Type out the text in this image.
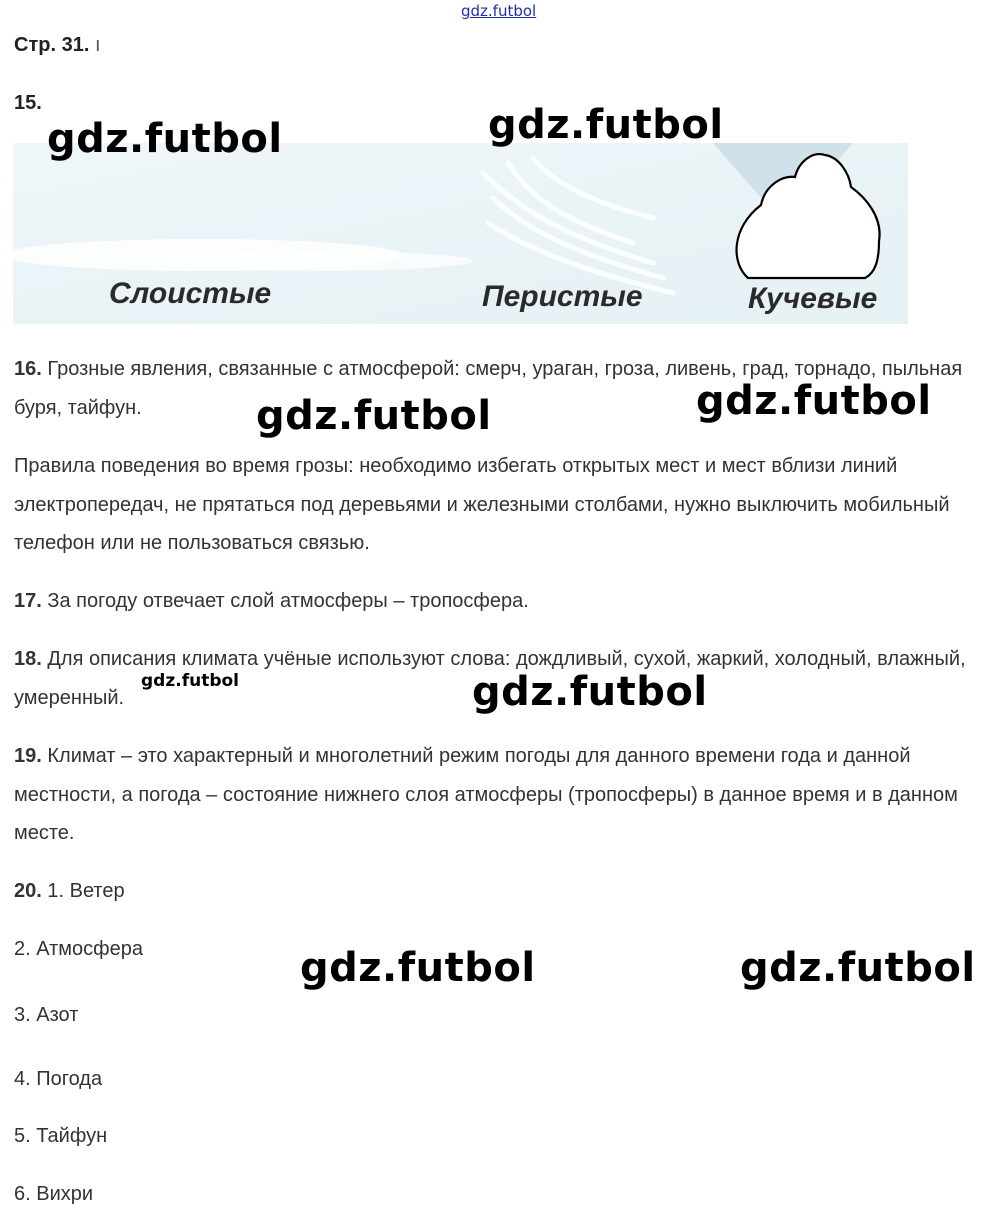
gdz.futbol
Стр. 31. ı
15.
Слоистые	Перистые	Кучевые

16. Грозные явления, связанные с атмосферой: смерч, ураган, гроза, ливень, град, торнадо, пыльная буря, тайфун.

Правила поведения во время грозы: необходимо избегать открытых мест и мест вблизи линий электропередач, не прятаться под деревьями и железными столбами, нужно выключить мобильный телефон или не пользоваться связью.

17. За погоду отвечает слой атмосферы – тропосфера.

18. Для описания климата учёные используют слова: дождливый, сухой, жаркий, холодный, влажный, умеренный.

19. Климат – это характерный и многолетний режим погоды для данного времени года и данной местности, а погода – состояние нижнего слоя атмосферы (тропосферы) в данное время и в данном месте.

20. 1. Ветер
2. Атмосфера
3. Азот
4. Погода
5. Тайфун
6. Вихри
gdz.futbol	gdz.futbol
gdz.futbol	gdz.futbol
gdz.futbol	gdz.futbol
gdz.futbol	gdz.futbol
